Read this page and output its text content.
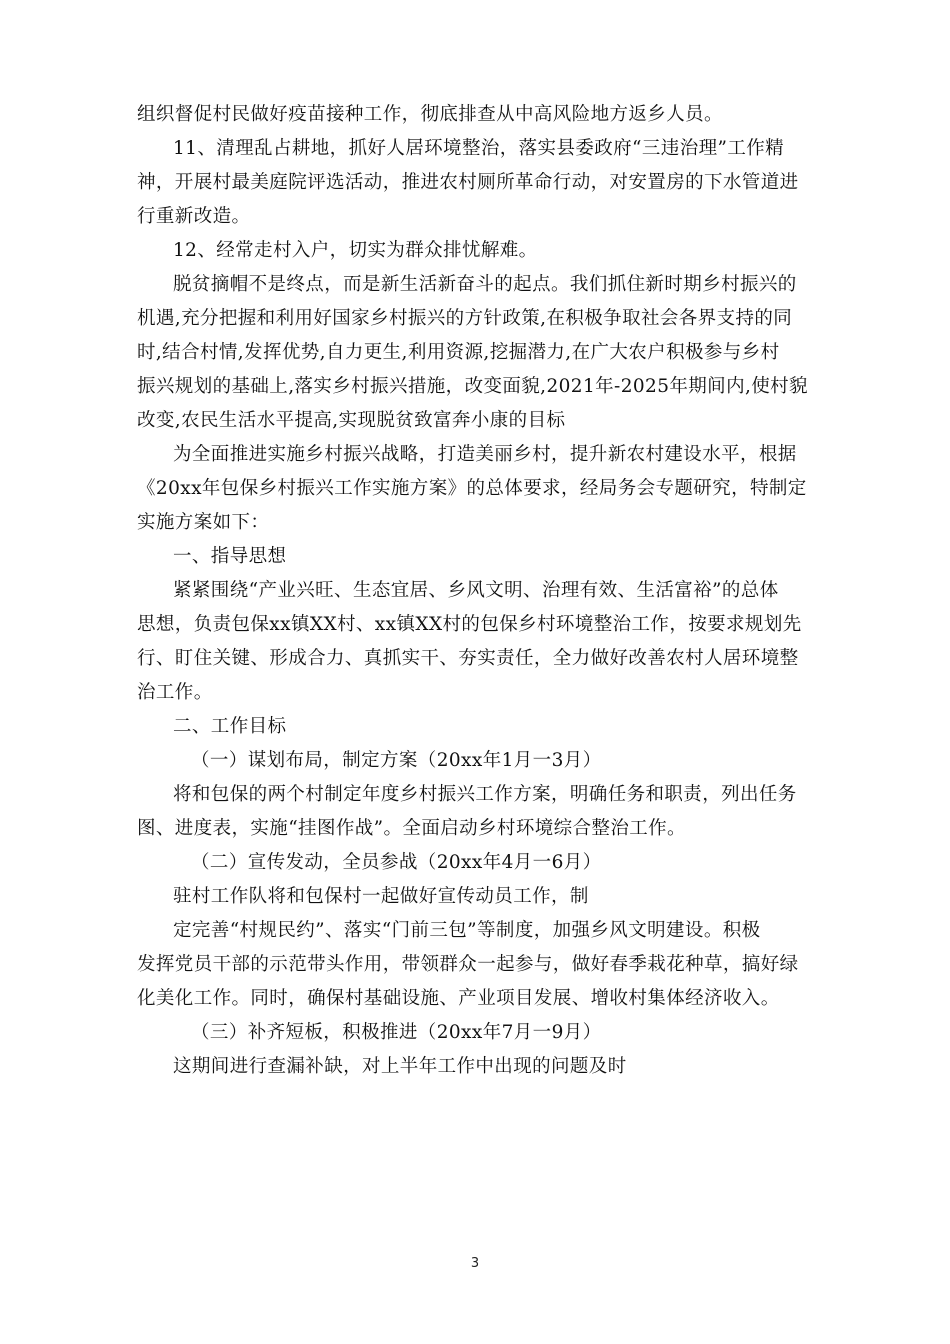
组织督促村民做好疫苗接种工作，彻底排查从中高风险地方返乡人员。
11、清理乱占耕地，抓好人居环境整治，落实县委政府“三违治理”工作精
神，开展村最美庭院评选活动，推进农村厕所革命行动，对安置房的下水管道进
行重新改造。
12、经常走村入户，切实为群众排忧解难。
脱贫摘帽不是终点，而是新生活新奋斗的起点。我们抓住新时期乡村振兴的
机遇,充分把握和利用好国家乡村振兴的方针政策,在积极争取社会各界支持的同
时,结合村情,发挥优势,自力更生,利用资源,挖掘潜力,在广大农户积极参与乡村
振兴规划的基础上,落实乡村振兴措施，改变面貌,2021年-2025年期间内,使村貌
改变,农民生活水平提高,实现脱贫致富奔小康的目标
为全面推进实施乡村振兴战略，打造美丽乡村，提升新农村建设水平，根据
《20xx年包保乡村振兴工作实施方案》的总体要求，经局务会专题研究，特制定
实施方案如下：
一、指导思想
紧紧围绕“产业兴旺、生态宜居、乡风文明、治理有效、生活富裕”的总体
思想，负责包保xx镇XX村、xx镇XX村的包保乡村环境整治工作，按要求规划先
行、盯住关键、形成合力、真抓实干、夯实责任，全力做好改善农村人居环境整
治工作。
二、工作目标
（一）谋划布局，制定方案（20xx年1月一3月）
将和包保的两个村制定年度乡村振兴工作方案，明确任务和职责，列出任务
图、进度表，实施“挂图作战”。全面启动乡村环境综合整治工作。
（二）宣传发动，全员参战（20xx年4月一6月）
驻村工作队将和包保村一起做好宣传动员工作，制
定完善“村规民约”、落实“门前三包”等制度，加强乡风文明建设。积极
发挥党员干部的示范带头作用，带领群众一起参与，做好春季栽花种草，搞好绿
化美化工作。同时，确保村基础设施、产业项目发展、增收村集体经济收入。
（三）补齐短板，积极推进（20xx年7月一9月）
这期间进行查漏补缺，对上半年工作中出现的问题及时
3
